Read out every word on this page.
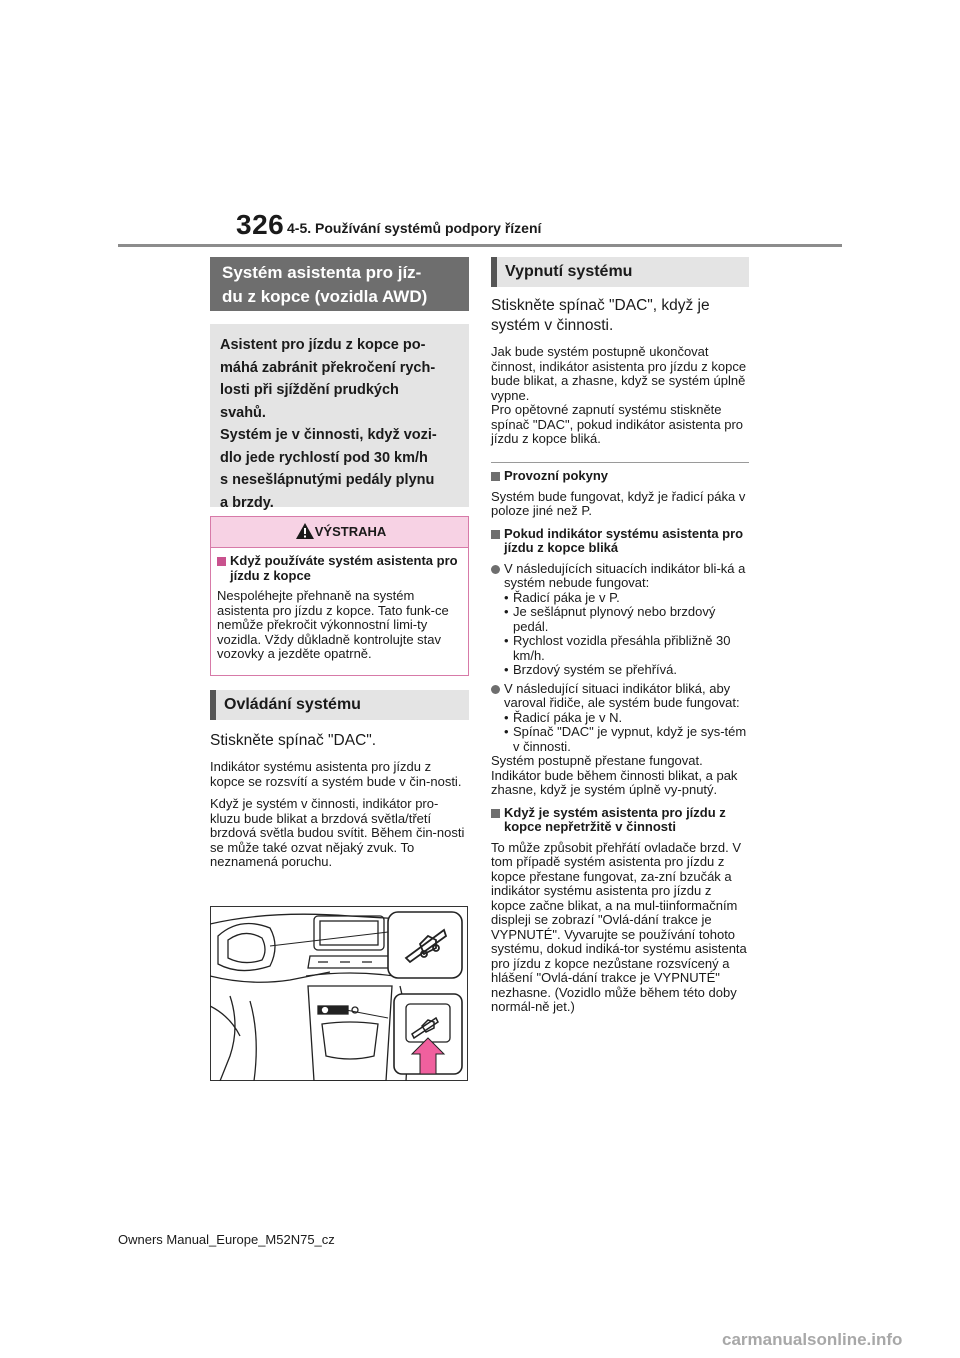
326 4-5. Používání systémů podpory řízení
Systém asistenta pro jíz-
du z kopce (vozidla AWD)
Asistent pro jízdu z kopce po-
máhá zabránit překročení rych-
losti při sjíždění prudkých
svahů.
Systém je v činnosti, když vozi-
dlo jede rychlostí pod 30 km/h
s nesešlápnutými pedály plynu
a brzdy.
VÝSTRAHA
Když používáte systém asistenta pro jízdu z kopce

Nespoléhejte přehnaně na systém asistenta pro jízdu z kopce. Tato funk-ce nemůže překročit výkonnostní limi-ty vozidla. Vždy důkladně kontrolujte stav vozovky a jezděte opatrně.

Ovládání systému

Stiskněte spínač "DAC".

Indikátor systému asistenta pro jízdu z kopce se rozsvítí a systém bude v čin-nosti.

Když je systém v činnosti, indikátor pro-kluzu bude blikat a brzdová světla/třetí brzdová světla budou svítit. Během čin-nosti se může také ozvat nějaký zvuk. To neznamená poruchu.

Vypnutí systému

Stiskněte spínač "DAC", když je systém v činnosti.

Jak bude systém postupně ukončovat činnost, indikátor asistenta pro jízdu z kopce bude blikat, a zhasne, když se systém úplně vypne.

Pro opětovné zapnutí systému stiskněte spínač "DAC", pokud indikátor asistenta pro jízdu z kopce bliká.

Provozní pokyny

Systém bude fungovat, když je řadicí páka v poloze jiné než P.

Pokud indikátor systému asistenta pro jízdu z kopce bliká
V následujících situacích indikátor bli-ká a systém nebude fungovat:
• Řadicí páka je v P.
• Je sešlápnut plynový nebo brzdový pedál.
• Rychlost vozidla přesáhla přibližně 30 km/h.
• Brzdový systém se přehřívá.
V následující situaci indikátor bliká, aby varoval řidiče, ale systém bude fungovat:
• Řadicí páka je v N.
• Spínač "DAC" je vypnut, když je sys-tém v činnosti.

Systém postupně přestane fungovat. Indikátor bude během činnosti blikat, a pak zhasne, když je systém úplně vy-pnutý.

Když je systém asistenta pro jízdu z kopce nepřetržitě v činnosti

To může způsobit přehřátí ovladače brzd. V tom případě systém asistenta pro jízdu z kopce přestane fungovat, za-zní bzučák a indikátor systému asistenta pro jízdu z kopce začne blikat, a na mul-tiinformačním displeji se zobrazí "Ovlá-dání trakce je VYPNUTÉ". Vyvarujte se používání tohoto systému, dokud indiká-tor systému asistenta pro jízdu z kopce nezůstane rozsvícený a hlášení "Ovlá-dání trakce je VYPNUTÉ" nezhasne. (Vozidlo může během této doby normál-ně jet.)

Owners Manual_Europe_M52N75_cz
carmanualsonline.info
